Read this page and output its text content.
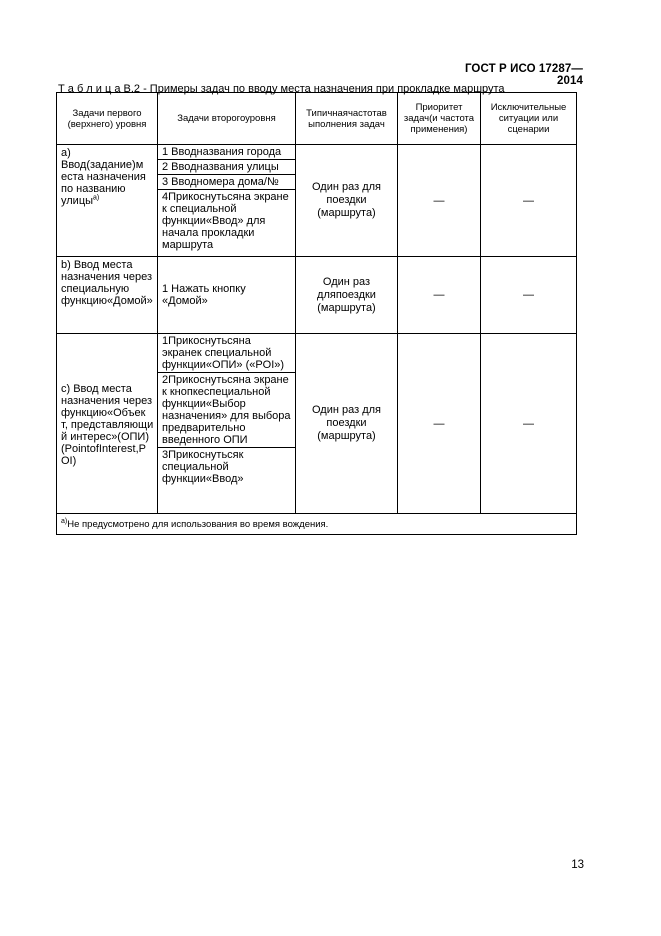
ГОСТ Р ИСО 17287—2014
Т а б л и ц а В.2 - Примеры задач по вводу места назначения при прокладке маршрута
Задачи первого (верхнего) уровня	Задачи второгоуровня	Типичнаячастотав ыполнения задач	Приоритет задач(и частота применения)	Исключительные ситуации или сценарии
а) Ввод(задание)м еста назначения по названию улицы$^{а)}$	1 Вводназвания города
2 Вводназвания улицы
3 Вводномера дома/№
4Прикоснутьсяна экране к специальной функции«Ввод» для начала прокладки маршрута	Один раз для поездки (маршрута)	—	—
b) Ввод места назначения через специальную функцию«Домой»	1 Нажать кнопку «Домой»	Один раз дляпоездки (маршрута)	—	—
с) Ввод места назначения через функцию«Объек т, представляющи й интерес»(ОПИ) (PointofInterest,P OI)	1Прикоснутьсяна экранек специальной функции«ОПИ» («POI»)
2Прикоснутьсяна экране к кнопкеспециальной функции«Выбор назначения» для выбора предварительно введенного ОПИ
3Прикоснутьсяк специальной функции«Ввод»	Один раз для поездки (маршрута)	—	—
$^{а)}$Не предусмотрено для использования во время вождения.				
13
